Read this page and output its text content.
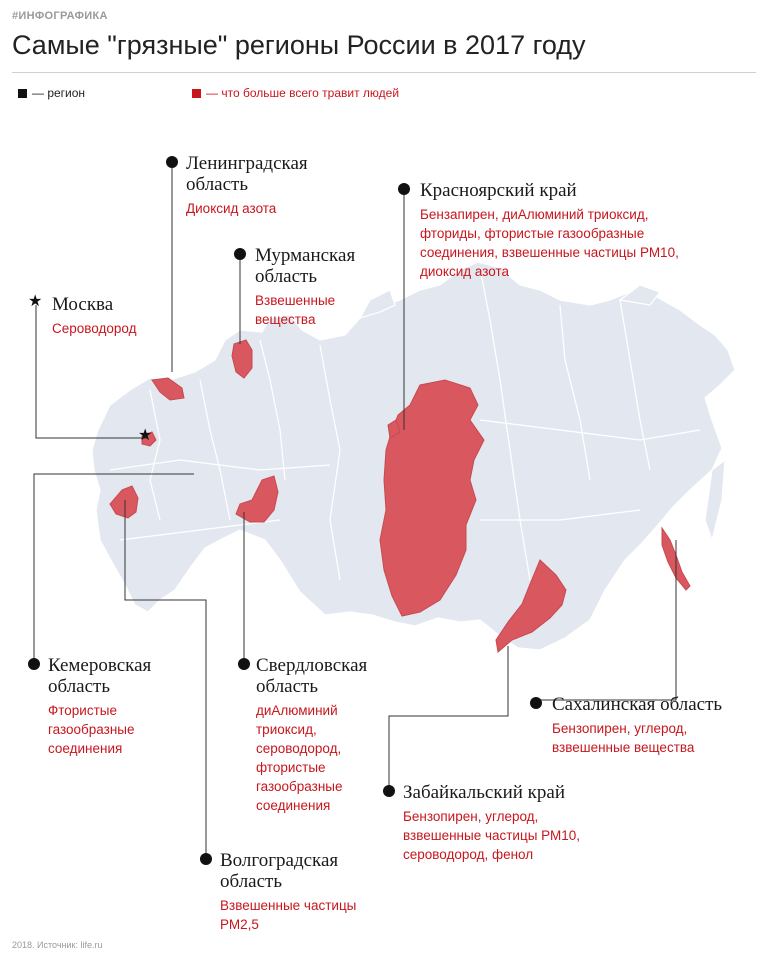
#ИНФОГРАФИКА
Самые "грязные" регионы России в 2017 году
— регион	— что больше всего травит людей
★
Ленинградская
область
Диоксид азота
Мурманская
область
Взвешенные
вещества
★ Москва
Сероводород
Красноярский край
Бензапирен, диАлюминий триоксид,
фториды, фтористые газообразные
соединения, взвешенные частицы РМ10,
диоксид азота
Кемеровская
область
Фтористые
газообразные
соединения
Свердловская
область
диАлюминий
триоксид,
сероводород,
фтористые
газообразные
соединения
Сахалинская область
Бензопирен, углерод,
взвешенные вещества
Забайкальский край
Бензопирен, углерод,
взвешенные частицы РМ10,
сероводород, фенол
Волгоградская
область
Взвешенные частицы
РМ2,5
2018. Источник: life.ru
